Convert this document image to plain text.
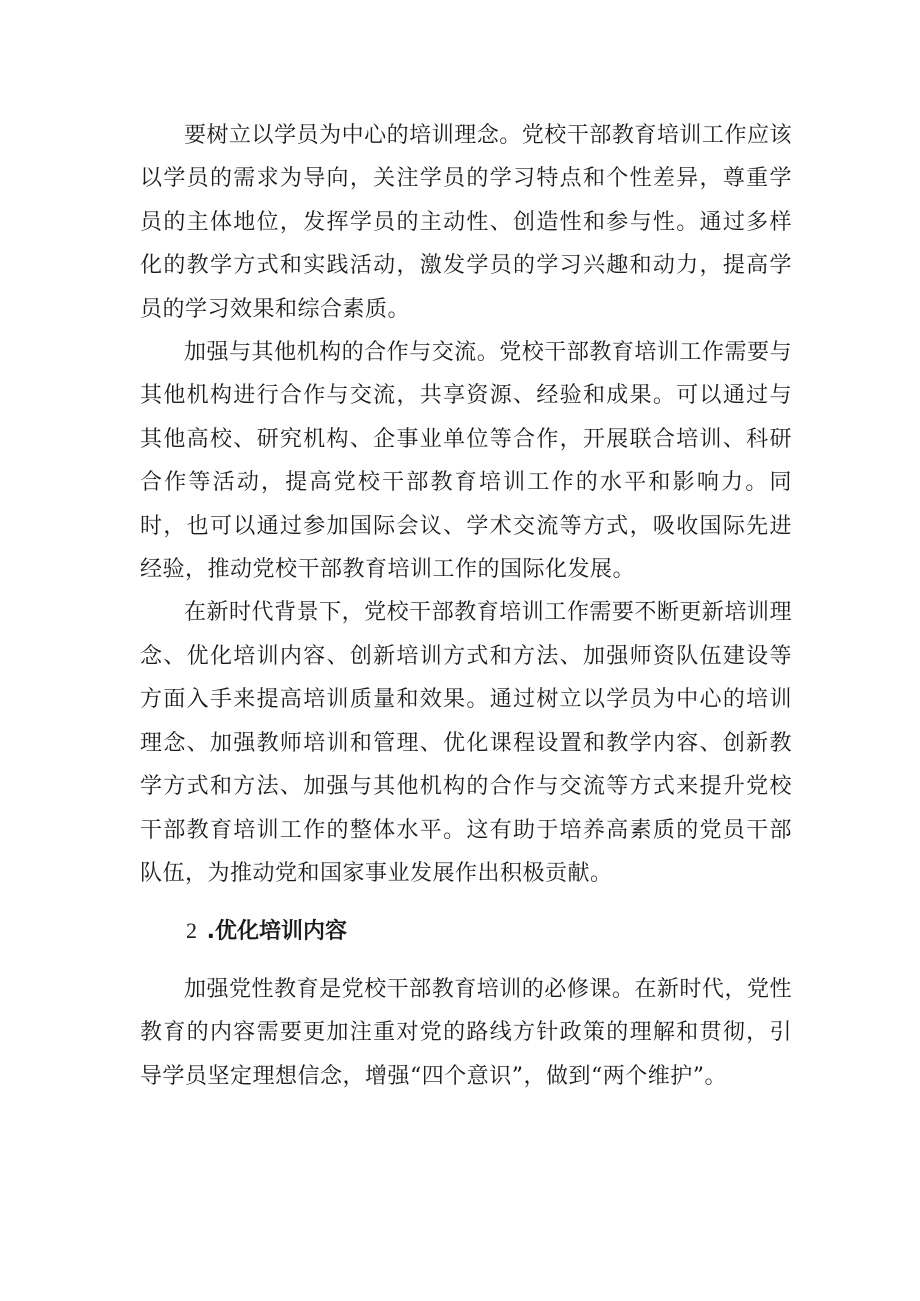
要树立以学员为中心的培训理念。党校干部教育培训工作应该以学员的需求为导向，关注学员的学习特点和个性差异，尊重学员的主体地位，发挥学员的主动性、创造性和参与性。通过多样化的教学方式和实践活动，激发学员的学习兴趣和动力，提高学员的学习效果和综合素质。

加强与其他机构的合作与交流。党校干部教育培训工作需要与其他机构进行合作与交流，共享资源、经验和成果。可以通过与其他高校、研究机构、企事业单位等合作，开展联合培训、科研合作等活动，提高党校干部教育培训工作的水平和影响力。同时，也可以通过参加国际会议、学术交流等方式，吸收国际先进经验，推动党校干部教育培训工作的国际化发展。

在新时代背景下，党校干部教育培训工作需要不断更新培训理念、优化培训内容、创新培训方式和方法、加强师资队伍建设等方面入手来提高培训质量和效果。通过树立以学员为中心的培训理念、加强教师培训和管理、优化课程设置和教学内容、创新教学方式和方法、加强与其他机构的合作与交流等方式来提升党校干部教育培训工作的整体水平。这有助于培养高素质的党员干部队伍，为推动党和国家事业发展作出积极贡献。

2 .优化培训内容

加强党性教育是党校干部教育培训的必修课。在新时代，党性教育的内容需要更加注重对党的路线方针政策的理解和贯彻，引导学员坚定理想信念，增强“四个意识”，做到“两个维护”。
